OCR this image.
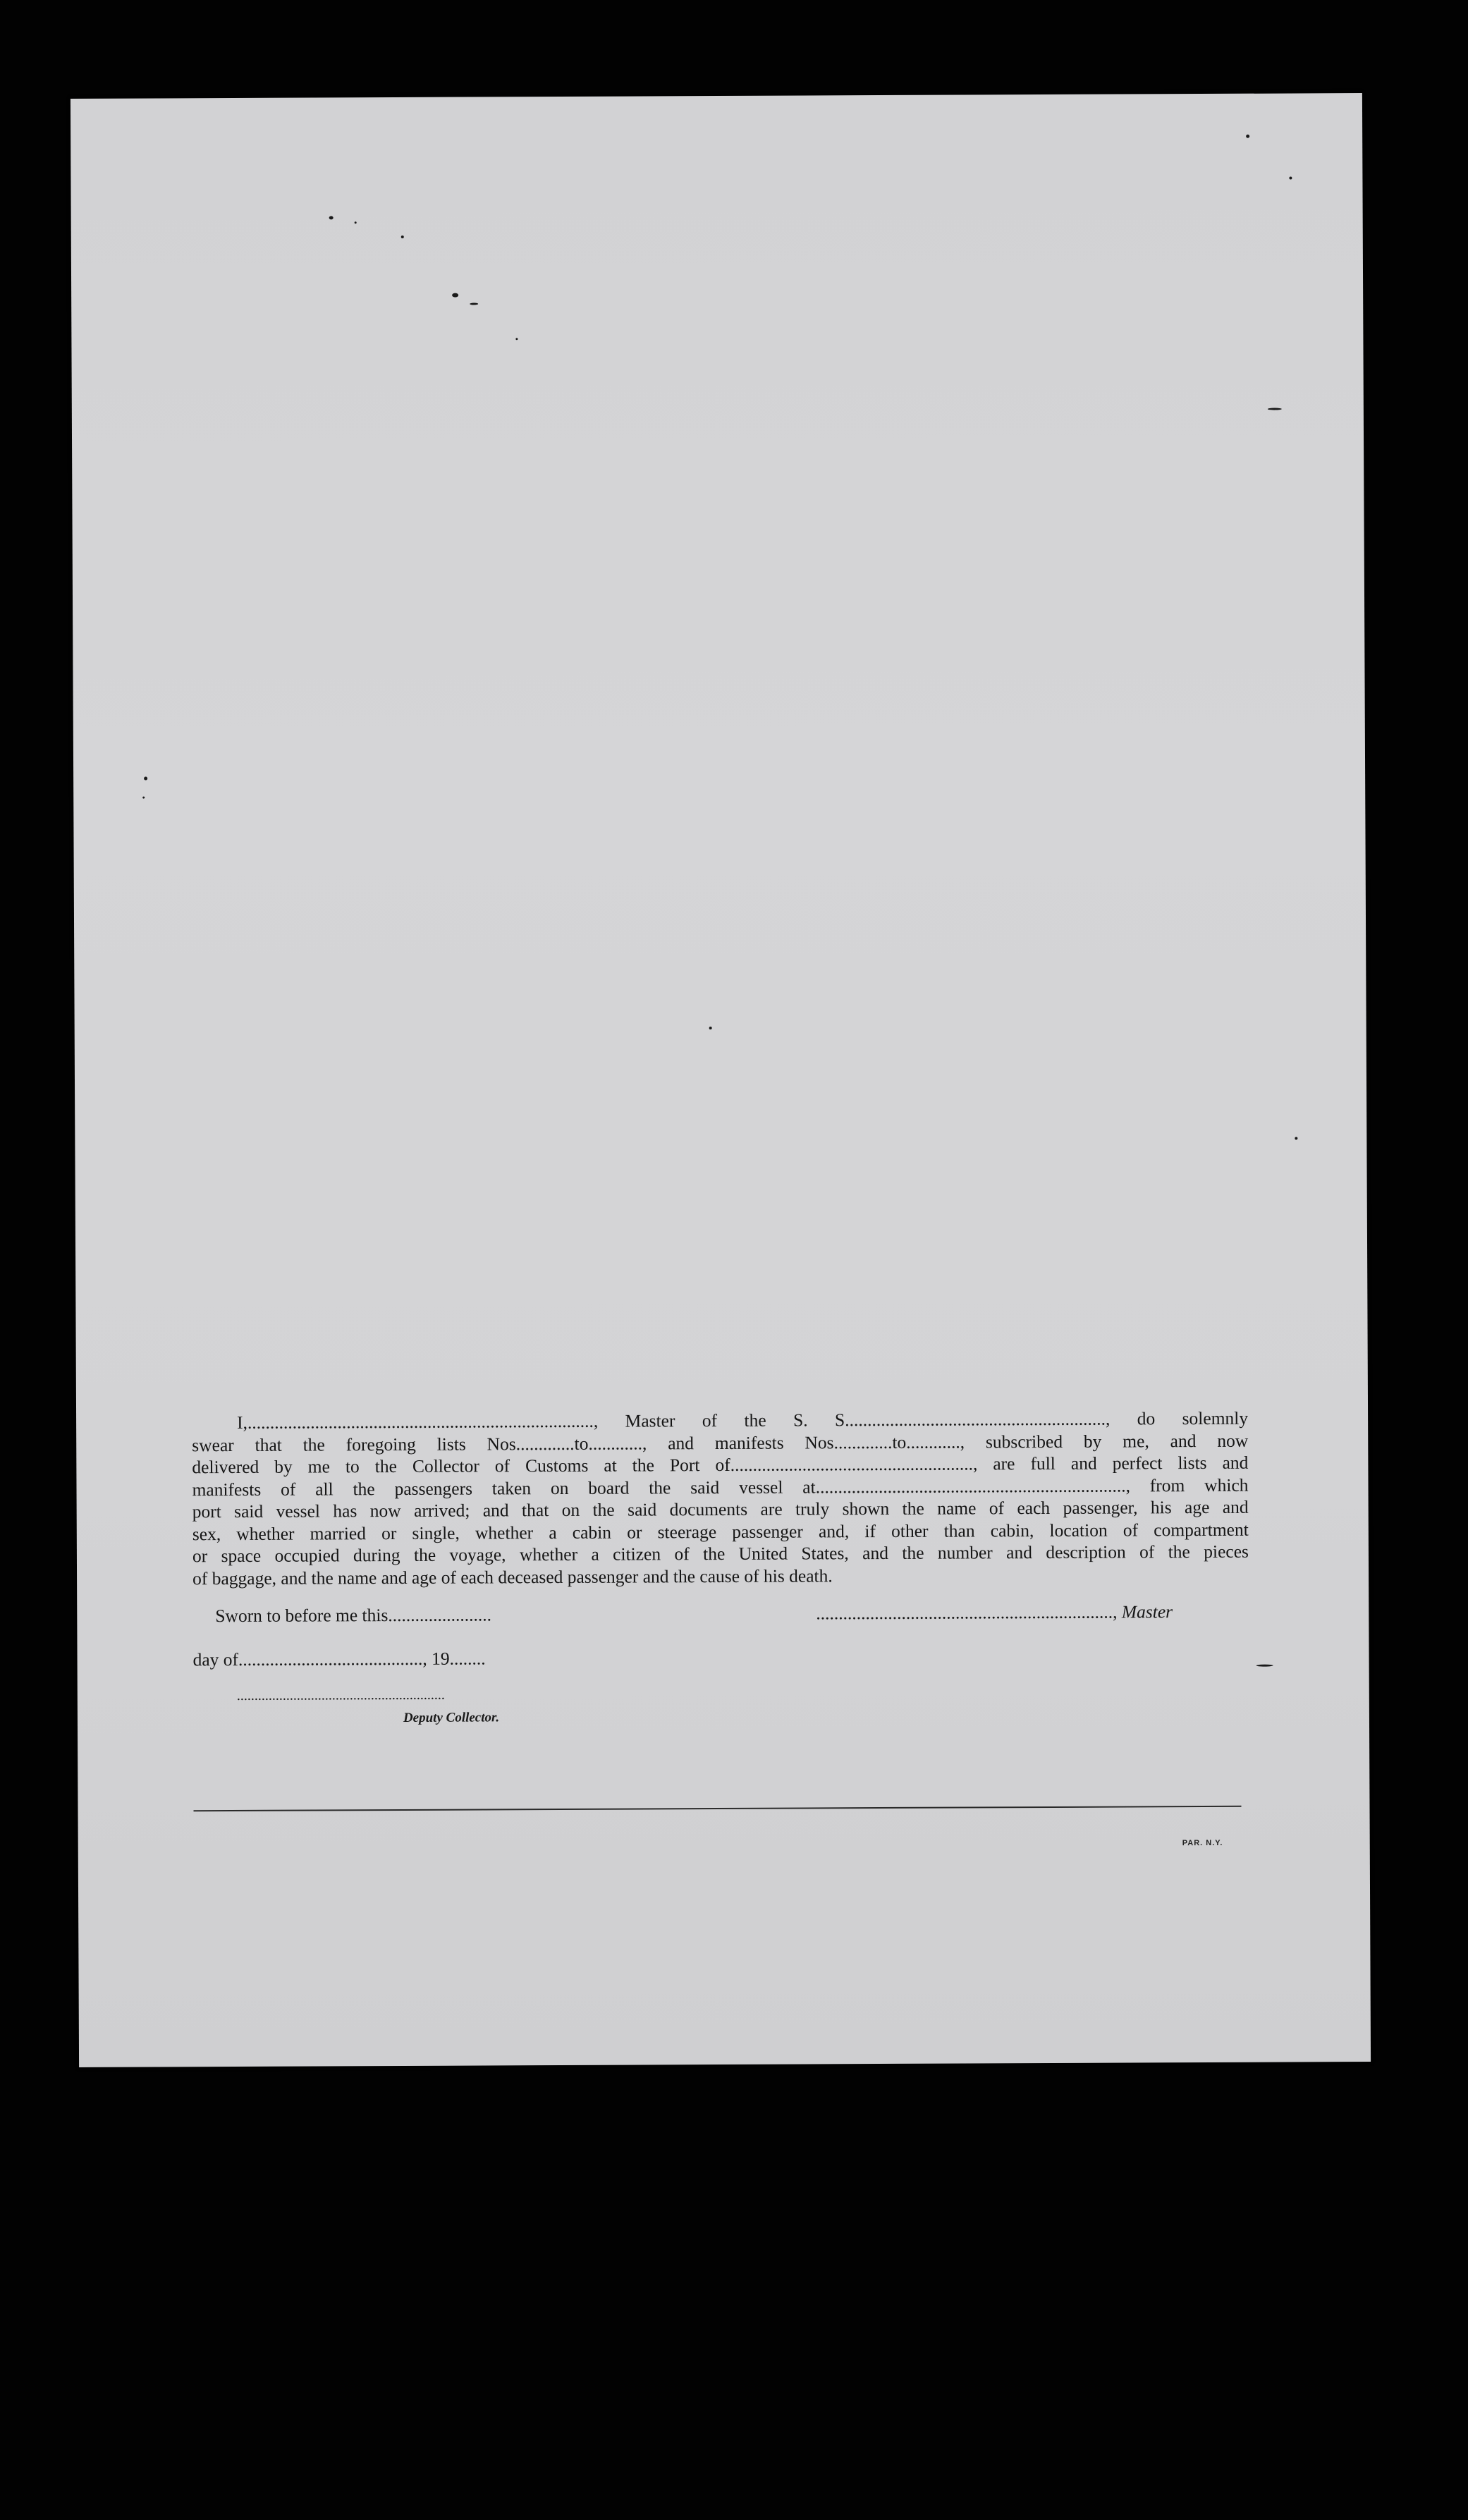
I,............................................................................., Master of the S. S.........................................................., do solemnly
swear that the foregoing lists Nos.............to............, and manifests Nos.............to............, subscribed by me, and now
delivered by me to the Collector of Customs at the Port of......................................................, are full and perfect lists and
manifests of all the passengers taken on board the said vessel at....................................................................., from which
port said vessel has now arrived; and that on the said documents are truly shown the name of each passenger, his age and
sex, whether married or single, whether a cabin or steerage passenger and, if other than cabin, location of compartment
or space occupied during the voyage, whether a citizen of the United States, and the number and description of the pieces
of baggage, and the name and age of each deceased passenger and the cause of his death.
Sworn to before me this.......................	.................................................................., Master
day of........................................., 19........
...........................................................
Deputy Collector.
PAR. N.Y.
